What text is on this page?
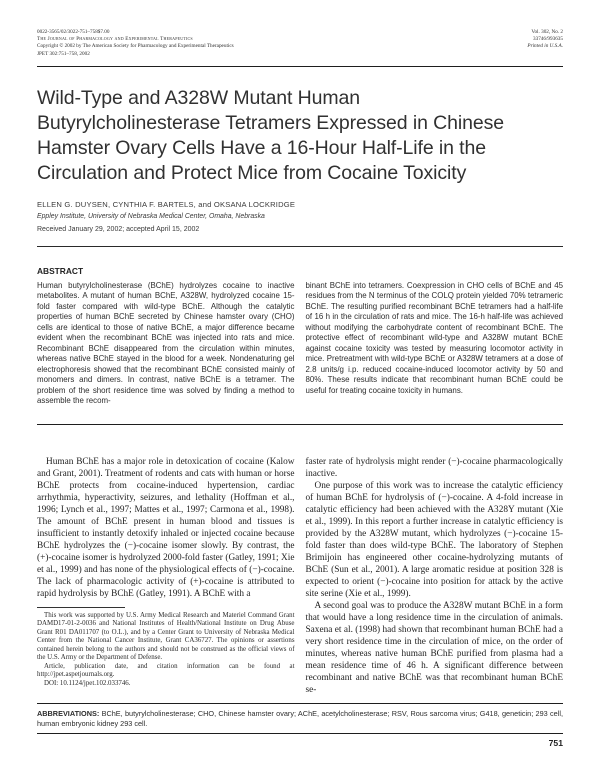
0022-3565/02/3022-751–758$7.00
The Journal of Pharmacology and Experimental Therapeutics
Copyright © 2002 by The American Society for Pharmacology and Experimental Therapeutics
JPET 302:751–758, 2002
Vol. 302, No. 2
33746/993635
Printed in U.S.A.
Wild-Type and A328W Mutant Human Butyrylcholinesterase Tetramers Expressed in Chinese Hamster Ovary Cells Have a 16-Hour Half-Life in the Circulation and Protect Mice from Cocaine Toxicity
ELLEN G. DUYSEN, CYNTHIA F. BARTELS, and OKSANA LOCKRIDGE
Eppley Institute, University of Nebraska Medical Center, Omaha, Nebraska
Received January 29, 2002; accepted April 15, 2002
ABSTRACT
Human butyrylcholinesterase (BChE) hydrolyzes cocaine to inactive metabolites. A mutant of human BChE, A328W, hydrolyzed cocaine 15-fold faster compared with wild-type BChE. Although the catalytic properties of human BChE secreted by Chinese hamster ovary (CHO) cells are identical to those of native BChE, a major difference became evident when the recombinant BChE was injected into rats and mice. Recombinant BChE disappeared from the circulation within minutes, whereas native BChE stayed in the blood for a week. Nondenaturing gel electrophoresis showed that the recombinant BChE consisted mainly of monomers and dimers. In contrast, native BChE is a tetramer. The problem of the short residence time was solved by finding a method to assemble the recom-
binant BChE into tetramers. Coexpression in CHO cells of BChE and 45 residues from the N terminus of the COLQ protein yielded 70% tetrameric BChE. The resulting purified recombinant BChE tetramers had a half-life of 16 h in the circulation of rats and mice. The 16-h half-life was achieved without modifying the carbohydrate content of recombinant BChE. The protective effect of recombinant wild-type and A328W mutant BChE against cocaine toxicity was tested by measuring locomotor activity in mice. Pretreatment with wild-type BChE or A328W tetramers at a dose of 2.8 units/g i.p. reduced cocaine-induced locomotor activity by 50 and 80%. These results indicate that recombinant human BChE could be useful for treating cocaine toxicity in humans.

Human BChE has a major role in detoxication of cocaine (Kalow and Grant, 2001). Treatment of rodents and cats with human or horse BChE protects from cocaine-induced hypertension, cardiac arrhythmia, hyperactivity, seizures, and lethality (Hoffman et al., 1996; Lynch et al., 1997; Mattes et al., 1997; Carmona et al., 1998). The amount of BChE present in human blood and tissues is insufficient to instantly detoxify inhaled or injected cocaine because BChE hydrolyzes the (−)-cocaine isomer slowly. By contrast, the (+)-cocaine isomer is hydrolyzed 2000-fold faster (Gatley, 1991; Xie et al., 1999) and has none of the physiological effects of (−)-cocaine. The lack of pharmacologic activity of (+)-cocaine is attributed to rapid hydrolysis by BChE (Gatley, 1991). A BChE with a

This work was supported by U.S. Army Medical Research and Materiel Command Grant DAMD17-01-2-0036 and National Institutes of Health/National Institute on Drug Abuse Grant R01 DA011707 (to O.L.), and by a Center Grant to University of Nebraska Medical Center from the National Cancer Institute, Grant CA36727. The opinions or assertions contained herein belong to the authors and should not be construed as the official views of the U.S. Army or the Department of Defense.

Article, publication date, and citation information can be found at http://jpet.aspetjournals.org.

DOI: 10.1124/jpet.102.033746.

faster rate of hydrolysis might render (−)-cocaine pharmacologically inactive.

One purpose of this work was to increase the catalytic efficiency of human BChE for hydrolysis of (−)-cocaine. A 4-fold increase in catalytic efficiency had been achieved with the A328Y mutant (Xie et al., 1999). In this report a further increase in catalytic efficiency is provided by the A328W mutant, which hydrolyzes (−)-cocaine 15-fold faster than does wild-type BChE. The laboratory of Stephen Brimijoin has engineered other cocaine-hydrolyzing mutants of BChE (Sun et al., 2001). A large aromatic residue at position 328 is expected to orient (−)-cocaine into position for attack by the active site serine (Xie et al., 1999).

A second goal was to produce the A328W mutant BChE in a form that would have a long residence time in the circulation of animals. Saxena et al. (1998) had shown that recombinant human BChE had a very short residence time in the circulation of mice, on the order of minutes, whereas native human BChE purified from plasma had a mean residence time of 46 h. A significant difference between recombinant and native BChE was that recombinant human BChE se-

ABBREVIATIONS: BChE, butyrylcholinesterase; CHO, Chinese hamster ovary; AChE, acetylcholinesterase; RSV, Rous sarcoma virus; G418, geneticin; 293 cell, human embryonic kidney 293 cell.
751
